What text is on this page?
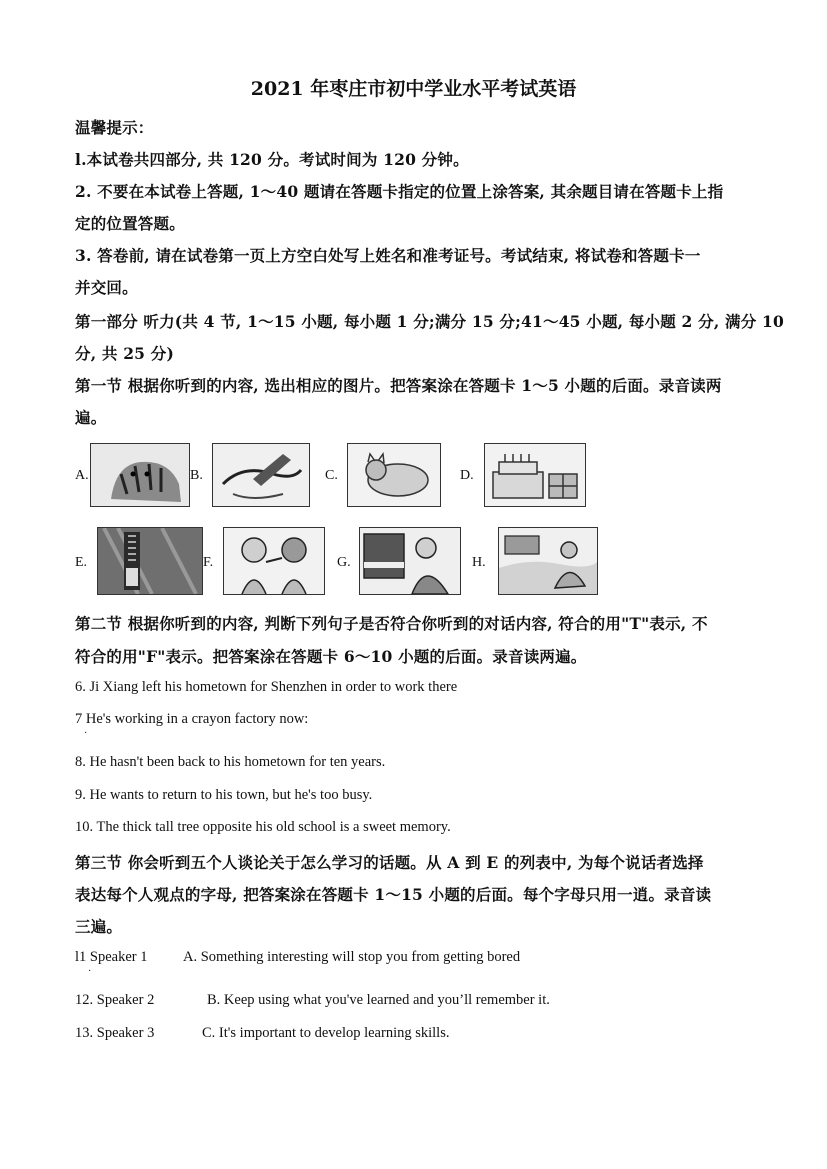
2021 年枣庄市初中学业水平考试英语
温馨提示：
l.本试卷共四部分, 共 120 分。考试时间为 120 分钟。
2. 不要在本试卷上答题, 1～40 题请在答题卡指定的位置上涂答案, 其余题目请在答题卡上指
定的位置答题。
3. 答卷前, 请在试卷第一页上方空白处写上姓名和准考证号。考试结束, 将试卷和答题卡一
并交回。
第一部分 听力(共 4 节, 1～15 小题, 每小题 1 分;满分 15 分;41～45 小题, 每小题 2 分, 满分 10
分, 共 25 分)
第一节 根据你听到的内容, 选出相应的图片。把答案涂在答题卡 1～5 小题的后面。录音读两
遍。
A.	B.	C.	D.
E.	F.	G.	H.
第二节 根据你听到的内容, 判断下列句子是否符合你听到的对话内容, 符合的用"T"表示, 不
符合的用"F"表示。把答案涂在答题卡 6～10 小题的后面。录音读两遍。
6. Ji Xiang left his hometown for Shenzhen in order to work there
7 He's working in a crayon factory now:
·
8. He hasn't been back to his hometown for ten years.
9. He wants to return to his town, but he's too busy.
10. The thick tall tree opposite his old school is a sweet memory.
第三节 你会听到五个人谈论关于怎么学习的话题。从 A 到 E 的列表中, 为每个说话者选择
表达每个人观点的字母, 把答案涂在答题卡 1～15 小题的后面。每个字母只用一逍。录音读
三遍。
l1 Speaker 1 A. Something interesting will stop you from getting bored
·
12. Speaker 2	B. Keep using what you've learned and you’ll remember it.
13. Speaker 3	C. It's important to develop learning skills.
